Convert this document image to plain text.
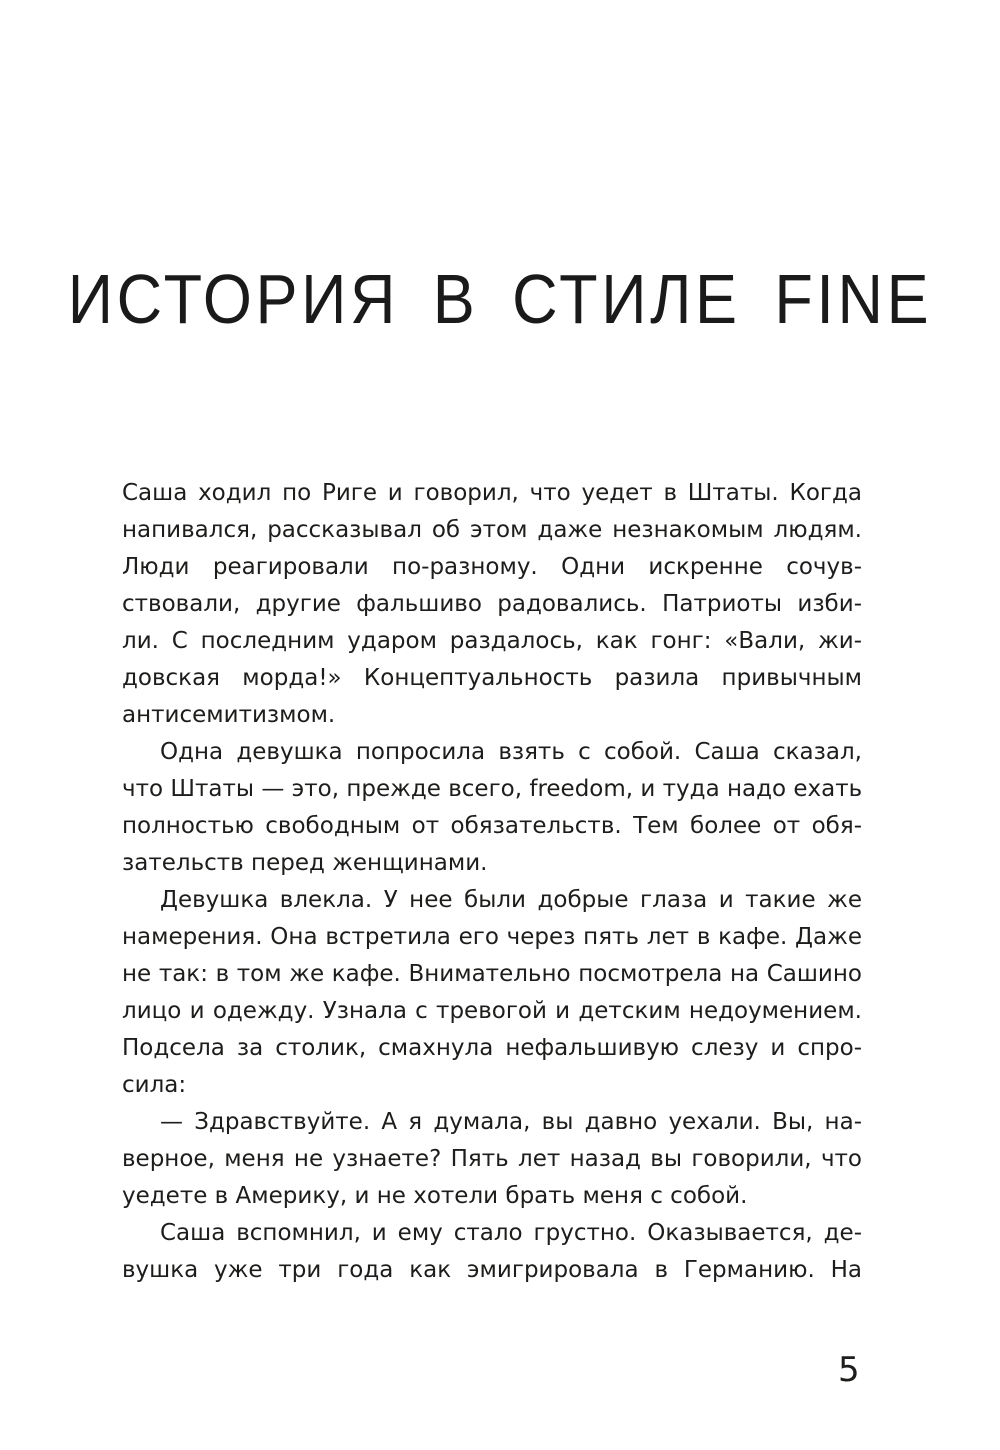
ИСТОРИЯ В СТИЛЕ FINE
Саша ходил по Риге и говорил, что уедет в Штаты. Когда
напивался, рассказывал об этом даже незнакомым людям.
Люди реагировали по-разному. Одни искренне сочув-
ствовали, другие фальшиво радовались. Патриоты изби-
ли. С последним ударом раздалось, как гонг: «Вали, жи-
довская морда!» Концептуальность разила привычным
антисемитизмом.
Одна девушка попросила взять с собой. Саша сказал,
что Штаты — это, прежде всего, freedom, и туда надо ехать
полностью свободным от обязательств. Тем более от обя-
зательств перед женщинами.
Девушка влекла. У нее были добрые глаза и такие же
намерения. Она встретила его через пять лет в кафе. Даже
не так: в том же кафе. Внимательно посмотрела на Сашино
лицо и одежду. Узнала с тревогой и детским недоумением.
Подсела за столик, смахнула нефальшивую слезу и спро-
сила:
— Здравствуйте. А я думала, вы давно уехали. Вы, на-
верное, меня не узнаете? Пять лет назад вы говорили, что
уедете в Америку, и не хотели брать меня с собой.
Саша вспомнил, и ему стало грустно. Оказывается, де-
вушка уже три года как эмигрировала в Германию. На
5
